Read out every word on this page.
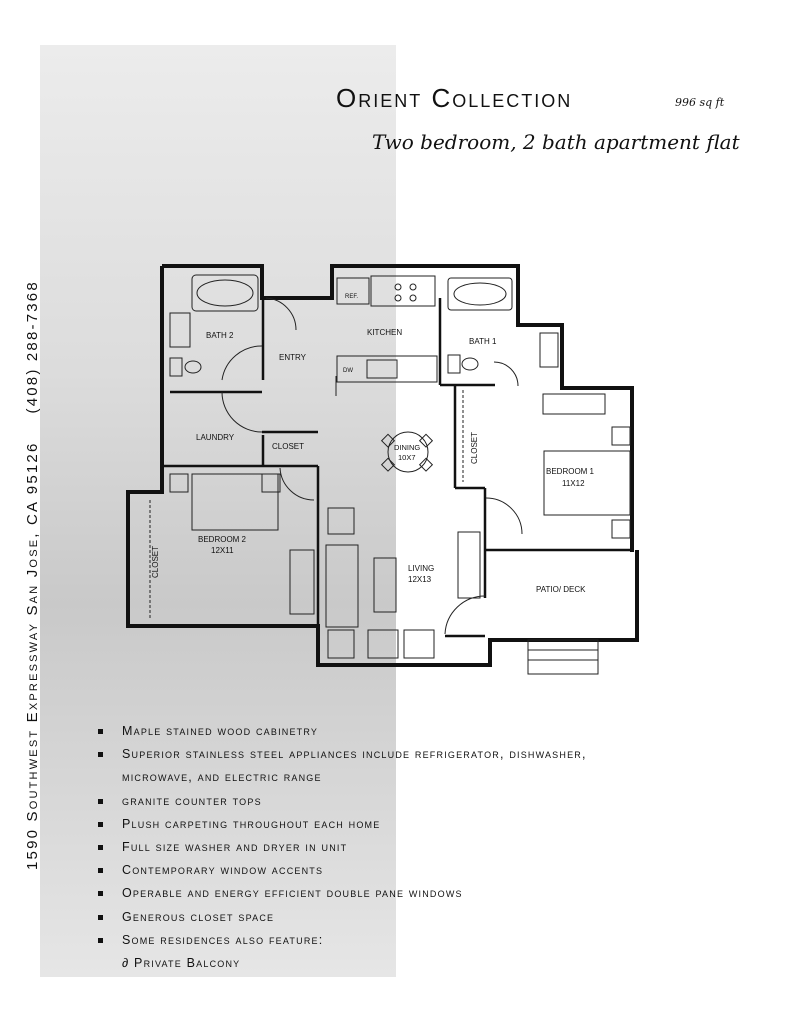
Orient Collection	996 sq ft
Two bedroom, 2 bath apartment flat
1590 Southwest Expressway San Jose, CA 95126(408) 288-7368	BATH 2
ENTRY
KITCHEN
REF.
DW
BATH 1
LAUNDRY
CLOSET	DINING
10X7	CLOSET
BEDROOM 1
11X12
BEDROOM 2
12X11
CLOSET	LIVING
12X13
PATIO/ DECK
Maple stained wood cabinetry
Superior stainless steel appliances include refrigerator, dishwasher,
microwave, and electric range
granite counter tops
Plush carpeting throughout each home
Full size washer and dryer in unit
Contemporary window accents
Operable and energy efficient double pane windows
Generous closet space
Some residences also feature:
∂ Private Balcony
